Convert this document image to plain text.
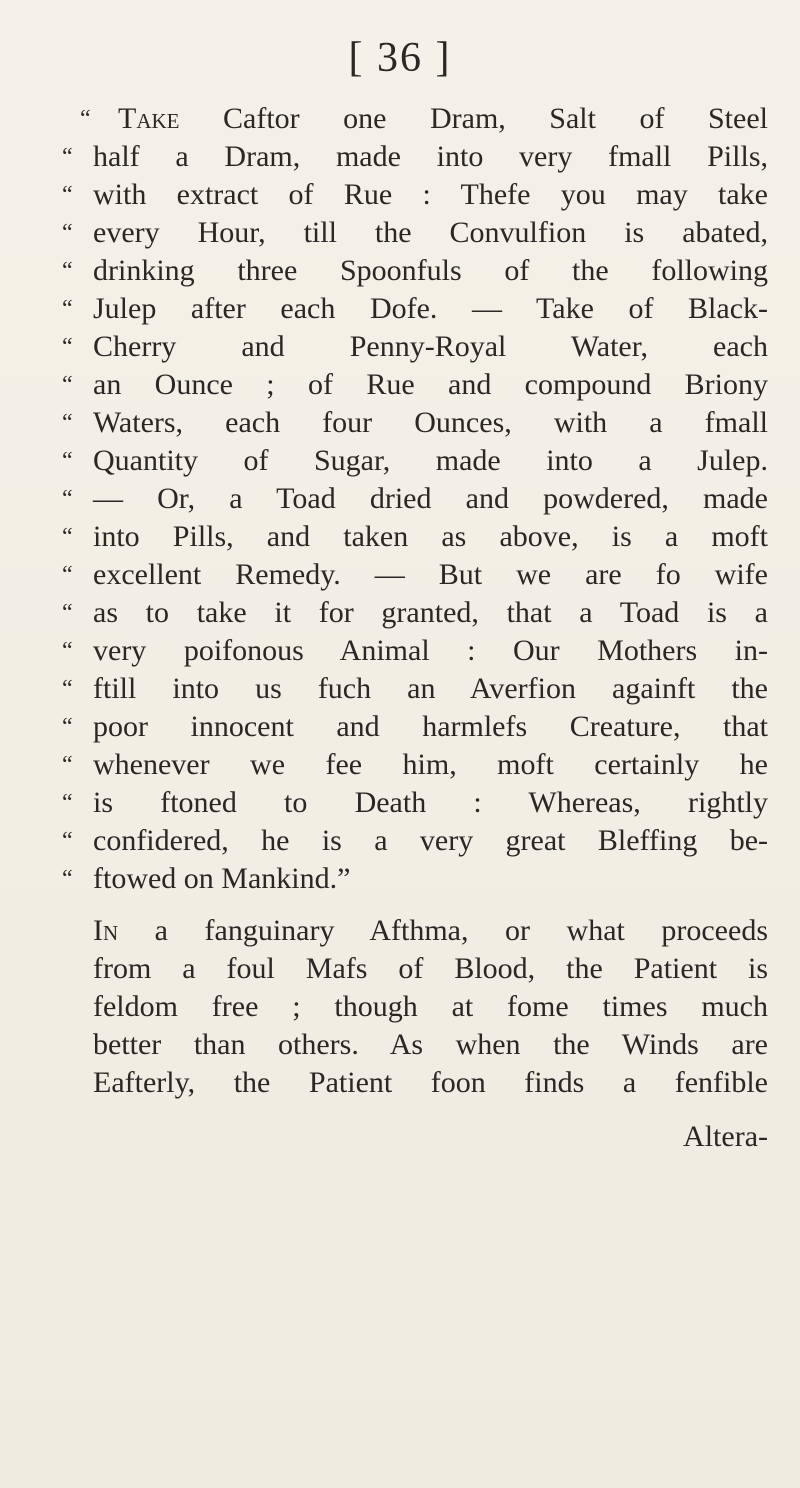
[ 36 ]
“ Take Caftor one Dram, Salt of Steel
“ half a Dram, made into very fmall Pills,
“ with extract of Rue : Thefe you may take
“ every Hour, till the Convulfion is abated,
“ drinking three Spoonfuls of the following
“ Julep after each Dofe. — Take of Black-
“ Cherry and Penny-Royal Water, each
“ an Ounce ; of Rue and compound Briony
“ Waters, each four Ounces, with a fmall
“ Quantity of Sugar, made into a Julep.
“ — Or, a Toad dried and powdered, made
“ into Pills, and taken as above, is a moft
“ excellent Remedy. — But we are fo wife
“ as to take it for granted, that a Toad is a
“ very poifonous Animal : Our Mothers in-
“ ftill into us fuch an Averfion againft the
“ poor innocent and harmlefs Creature, that
“ whenever we fee him, moft certainly he
“ is ftoned to Death : Whereas, rightly
“ confidered, he is a very great Bleffing be-
“ ftowed on Mankind.”
In a fanguinary Afthma, or what proceeds
from a foul Mafs of Blood, the Patient is
feldom free ; though at fome times much
better than others. As when the Winds are
Eafterly, the Patient foon finds a fenfible
Altera-
